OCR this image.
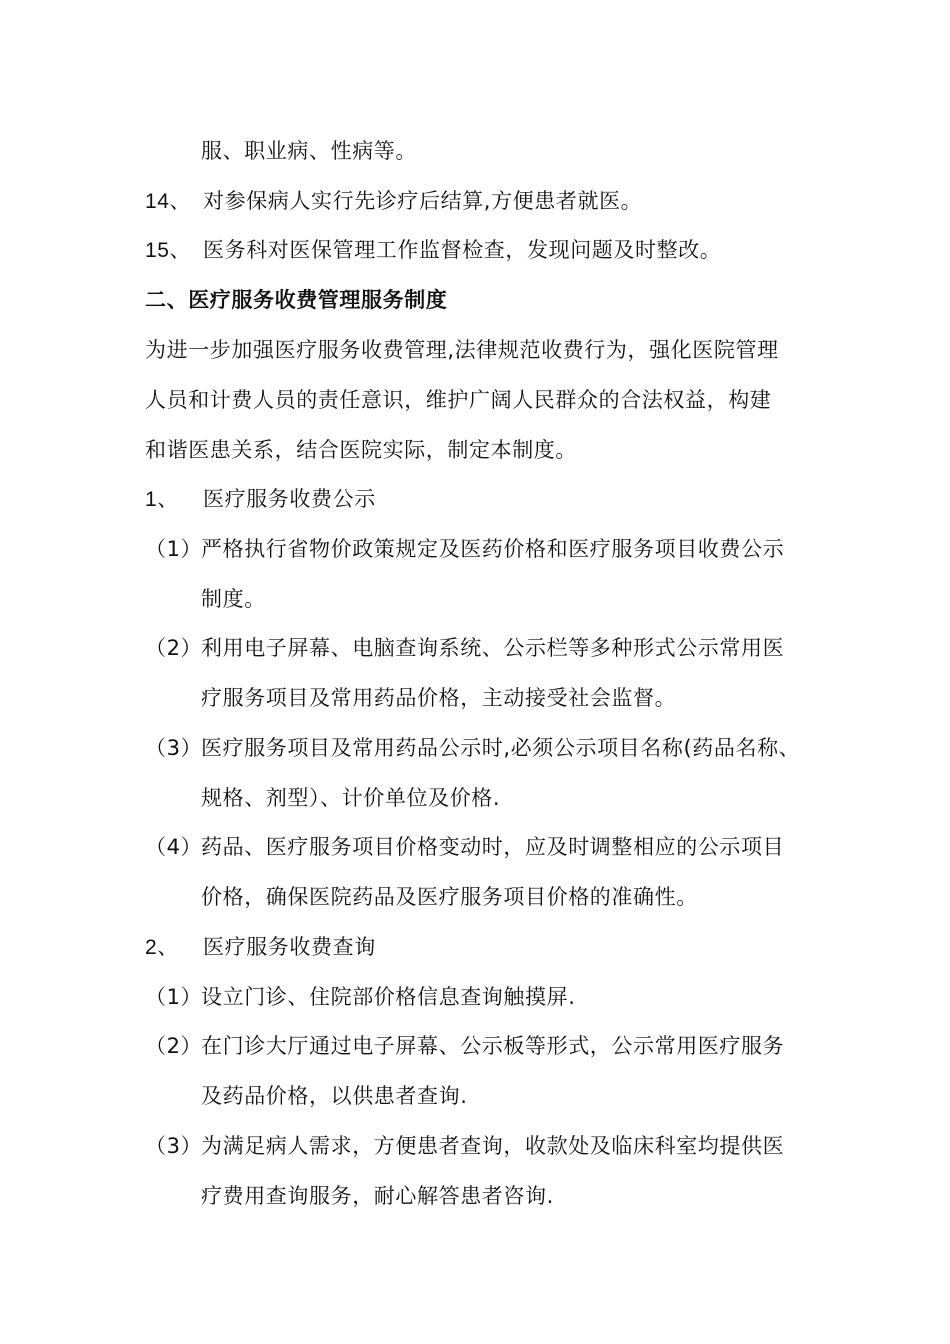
服、职业病、性病等。
14、 对参保病人实行先诊疗后结算,方便患者就医。
15、 医务科对医保管理工作监督检查，发现问题及时整改。
二、医疗服务收费管理服务制度
为进一步加强医疗服务收费管理,法律规范收费行为，强化医院管理
人员和计费人员的责任意识，维护广阔人民群众的合法权益，构建
和谐医患关系，结合医院实际，制定本制度。
1、 医疗服务收费公示
（1）严格执行省物价政策规定及医药价格和医疗服务项目收费公示
制度。
（2）利用电子屏幕、电脑查询系统、公示栏等多种形式公示常用医
疗服务项目及常用药品价格，主动接受社会监督。
（3）医疗服务项目及常用药品公示时,必须公示项目名称(药品名称、
规格、剂型）、计价单位及价格.
（4）药品、医疗服务项目价格变动时，应及时调整相应的公示项目
价格，确保医院药品及医疗服务项目价格的准确性。
2、 医疗服务收费查询
（1）设立门诊、住院部价格信息查询触摸屏.
（2）在门诊大厅通过电子屏幕、公示板等形式，公示常用医疗服务
及药品价格，以供患者查询.
（3）为满足病人需求，方便患者查询，收款处及临床科室均提供医
疗费用查询服务，耐心解答患者咨询.
